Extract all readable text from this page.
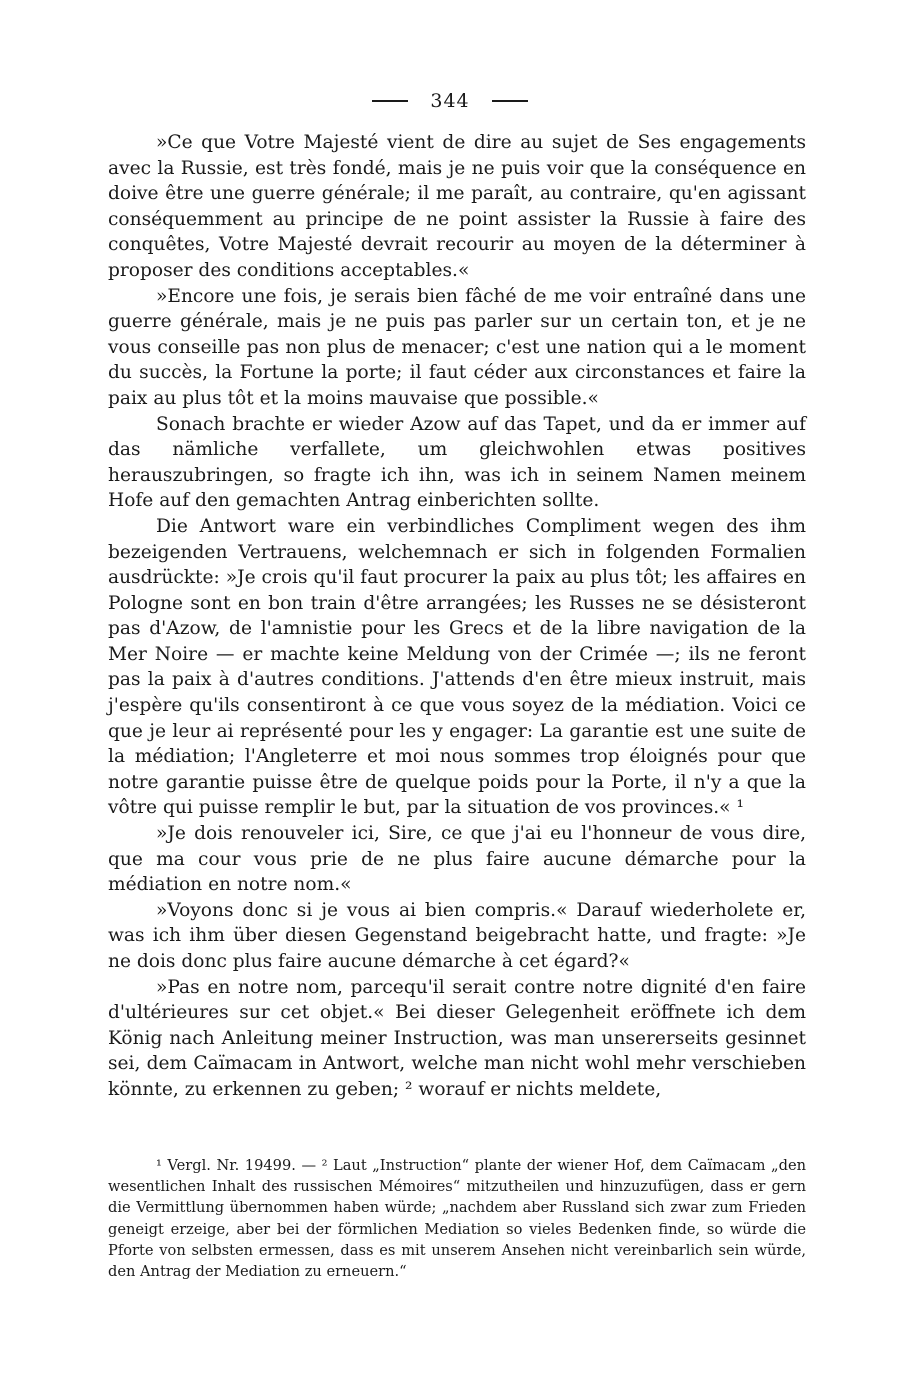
344

»Ce que Votre Majesté vient de dire au sujet de Ses engagements avec la Russie, est très fondé, mais je ne puis voir que la conséquence en doive être une guerre générale; il me paraît, au contraire, qu'en agissant conséquemment au principe de ne point assister la Russie à faire des conquêtes, Votre Majesté devrait recourir au moyen de la déterminer à proposer des conditions acceptables.«

»Encore une fois, je serais bien fâché de me voir entraîné dans une guerre générale, mais je ne puis pas parler sur un certain ton, et je ne vous conseille pas non plus de menacer; c'est une nation qui a le moment du succès, la Fortune la porte; il faut céder aux circonstances et faire la paix au plus tôt et la moins mauvaise que possible.«

Sonach brachte er wieder Azow auf das Tapet, und da er immer auf das nämliche verfallete, um gleichwohlen etwas positives herauszubringen, so fragte ich ihn, was ich in seinem Namen meinem Hofe auf den gemachten Antrag einberichten sollte.

Die Antwort ware ein verbindliches Compliment wegen des ihm bezeigenden Vertrauens, welchemnach er sich in folgenden Formalien ausdrückte: »Je crois qu'il faut procurer la paix au plus tôt; les affaires en Pologne sont en bon train d'être arrangées; les Russes ne se désisteront pas d'Azow, de l'amnistie pour les Grecs et de la libre navigation de la Mer Noire — er machte keine Meldung von der Crimée —; ils ne feront pas la paix à d'autres conditions. J'attends d'en être mieux instruit, mais j'espère qu'ils consentiront à ce que vous soyez de la médiation. Voici ce que je leur ai représenté pour les y engager: La garantie est une suite de la médiation; l'Angleterre et moi nous sommes trop éloignés pour que notre garantie puisse être de quelque poids pour la Porte, il n'y a que la vôtre qui puisse remplir le but, par la situation de vos provinces.« ¹

»Je dois renouveler ici, Sire, ce que j'ai eu l'honneur de vous dire, que ma cour vous prie de ne plus faire aucune démarche pour la médiation en notre nom.«

»Voyons donc si je vous ai bien compris.« Darauf wiederholete er, was ich ihm über diesen Gegenstand beigebracht hatte, und fragte: »Je ne dois donc plus faire aucune démarche à cet égard?«

»Pas en notre nom, parcequ'il serait contre notre dignité d'en faire d'ultérieures sur cet objet.« Bei dieser Gelegenheit eröffnete ich dem König nach Anleitung meiner Instruction, was man unsererseits gesinnet sei, dem Caïmacam in Antwort, welche man nicht wohl mehr verschieben könnte, zu erkennen zu geben; ² worauf er nichts meldete,

¹ Vergl. Nr. 19499. — ² Laut „Instruction“ plante der wiener Hof, dem Caïmacam „den wesentlichen Inhalt des russischen Mémoires“ mitzutheilen und hinzuzufügen, dass er gern die Vermittlung übernommen haben würde; „nachdem aber Russland sich zwar zum Frieden geneigt erzeige, aber bei der förmlichen Mediation so vieles Bedenken finde, so würde die Pforte von selbsten ermessen, dass es mit unserem Ansehen nicht vereinbarlich sein würde, den Antrag der Mediation zu erneuern.“
